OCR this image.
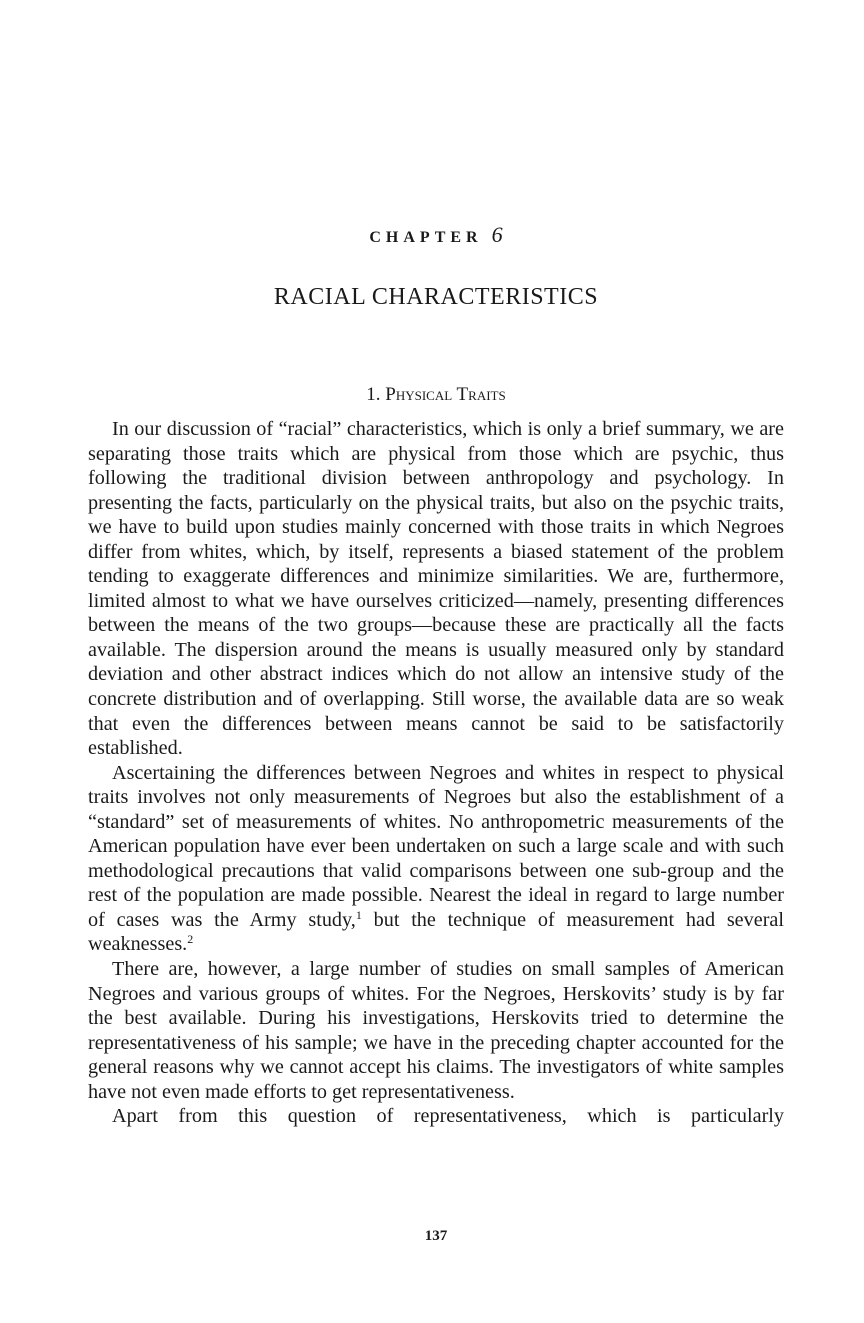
CHAPTER 6
RACIAL CHARACTERISTICS
1. Physical Traits

In our discussion of “racial” characteristics, which is only a brief summary, we are separating those traits which are physical from those which are psychic, thus following the traditional division between anthropology and psychology. In presenting the facts, particularly on the physical traits, but also on the psychic traits, we have to build upon studies mainly concerned with those traits in which Negroes differ from whites, which, by itself, represents a biased statement of the problem tending to exaggerate differences and minimize similarities. We are, furthermore, limited almost to what we have ourselves criticized—namely, presenting differences between the means of the two groups—because these are practically all the facts available. The dispersion around the means is usually measured only by standard deviation and other abstract indices which do not allow an intensive study of the concrete distribution and of overlapping. Still worse, the available data are so weak that even the differences between means cannot be said to be satisfactorily established.

Ascertaining the differences between Negroes and whites in respect to physical traits involves not only measurements of Negroes but also the establishment of a “standard” set of measurements of whites. No anthropometric measurements of the American population have ever been undertaken on such a large scale and with such methodological precautions that valid comparisons between one sub-group and the rest of the population are made possible. Nearest the ideal in regard to large number of cases was the Army study,$^1$ but the technique of measurement had several weaknesses.$^2$

There are, however, a large number of studies on small samples of American Negroes and various groups of whites. For the Negroes, Herskovits’ study is by far the best available. During his investigations, Herskovits tried to determine the representativeness of his sample; we have in the preceding chapter accounted for the general reasons why we cannot accept his claims. The investigators of white samples have not even made efforts to get representativeness.

Apart from this question of representativeness, which is particularly

137
